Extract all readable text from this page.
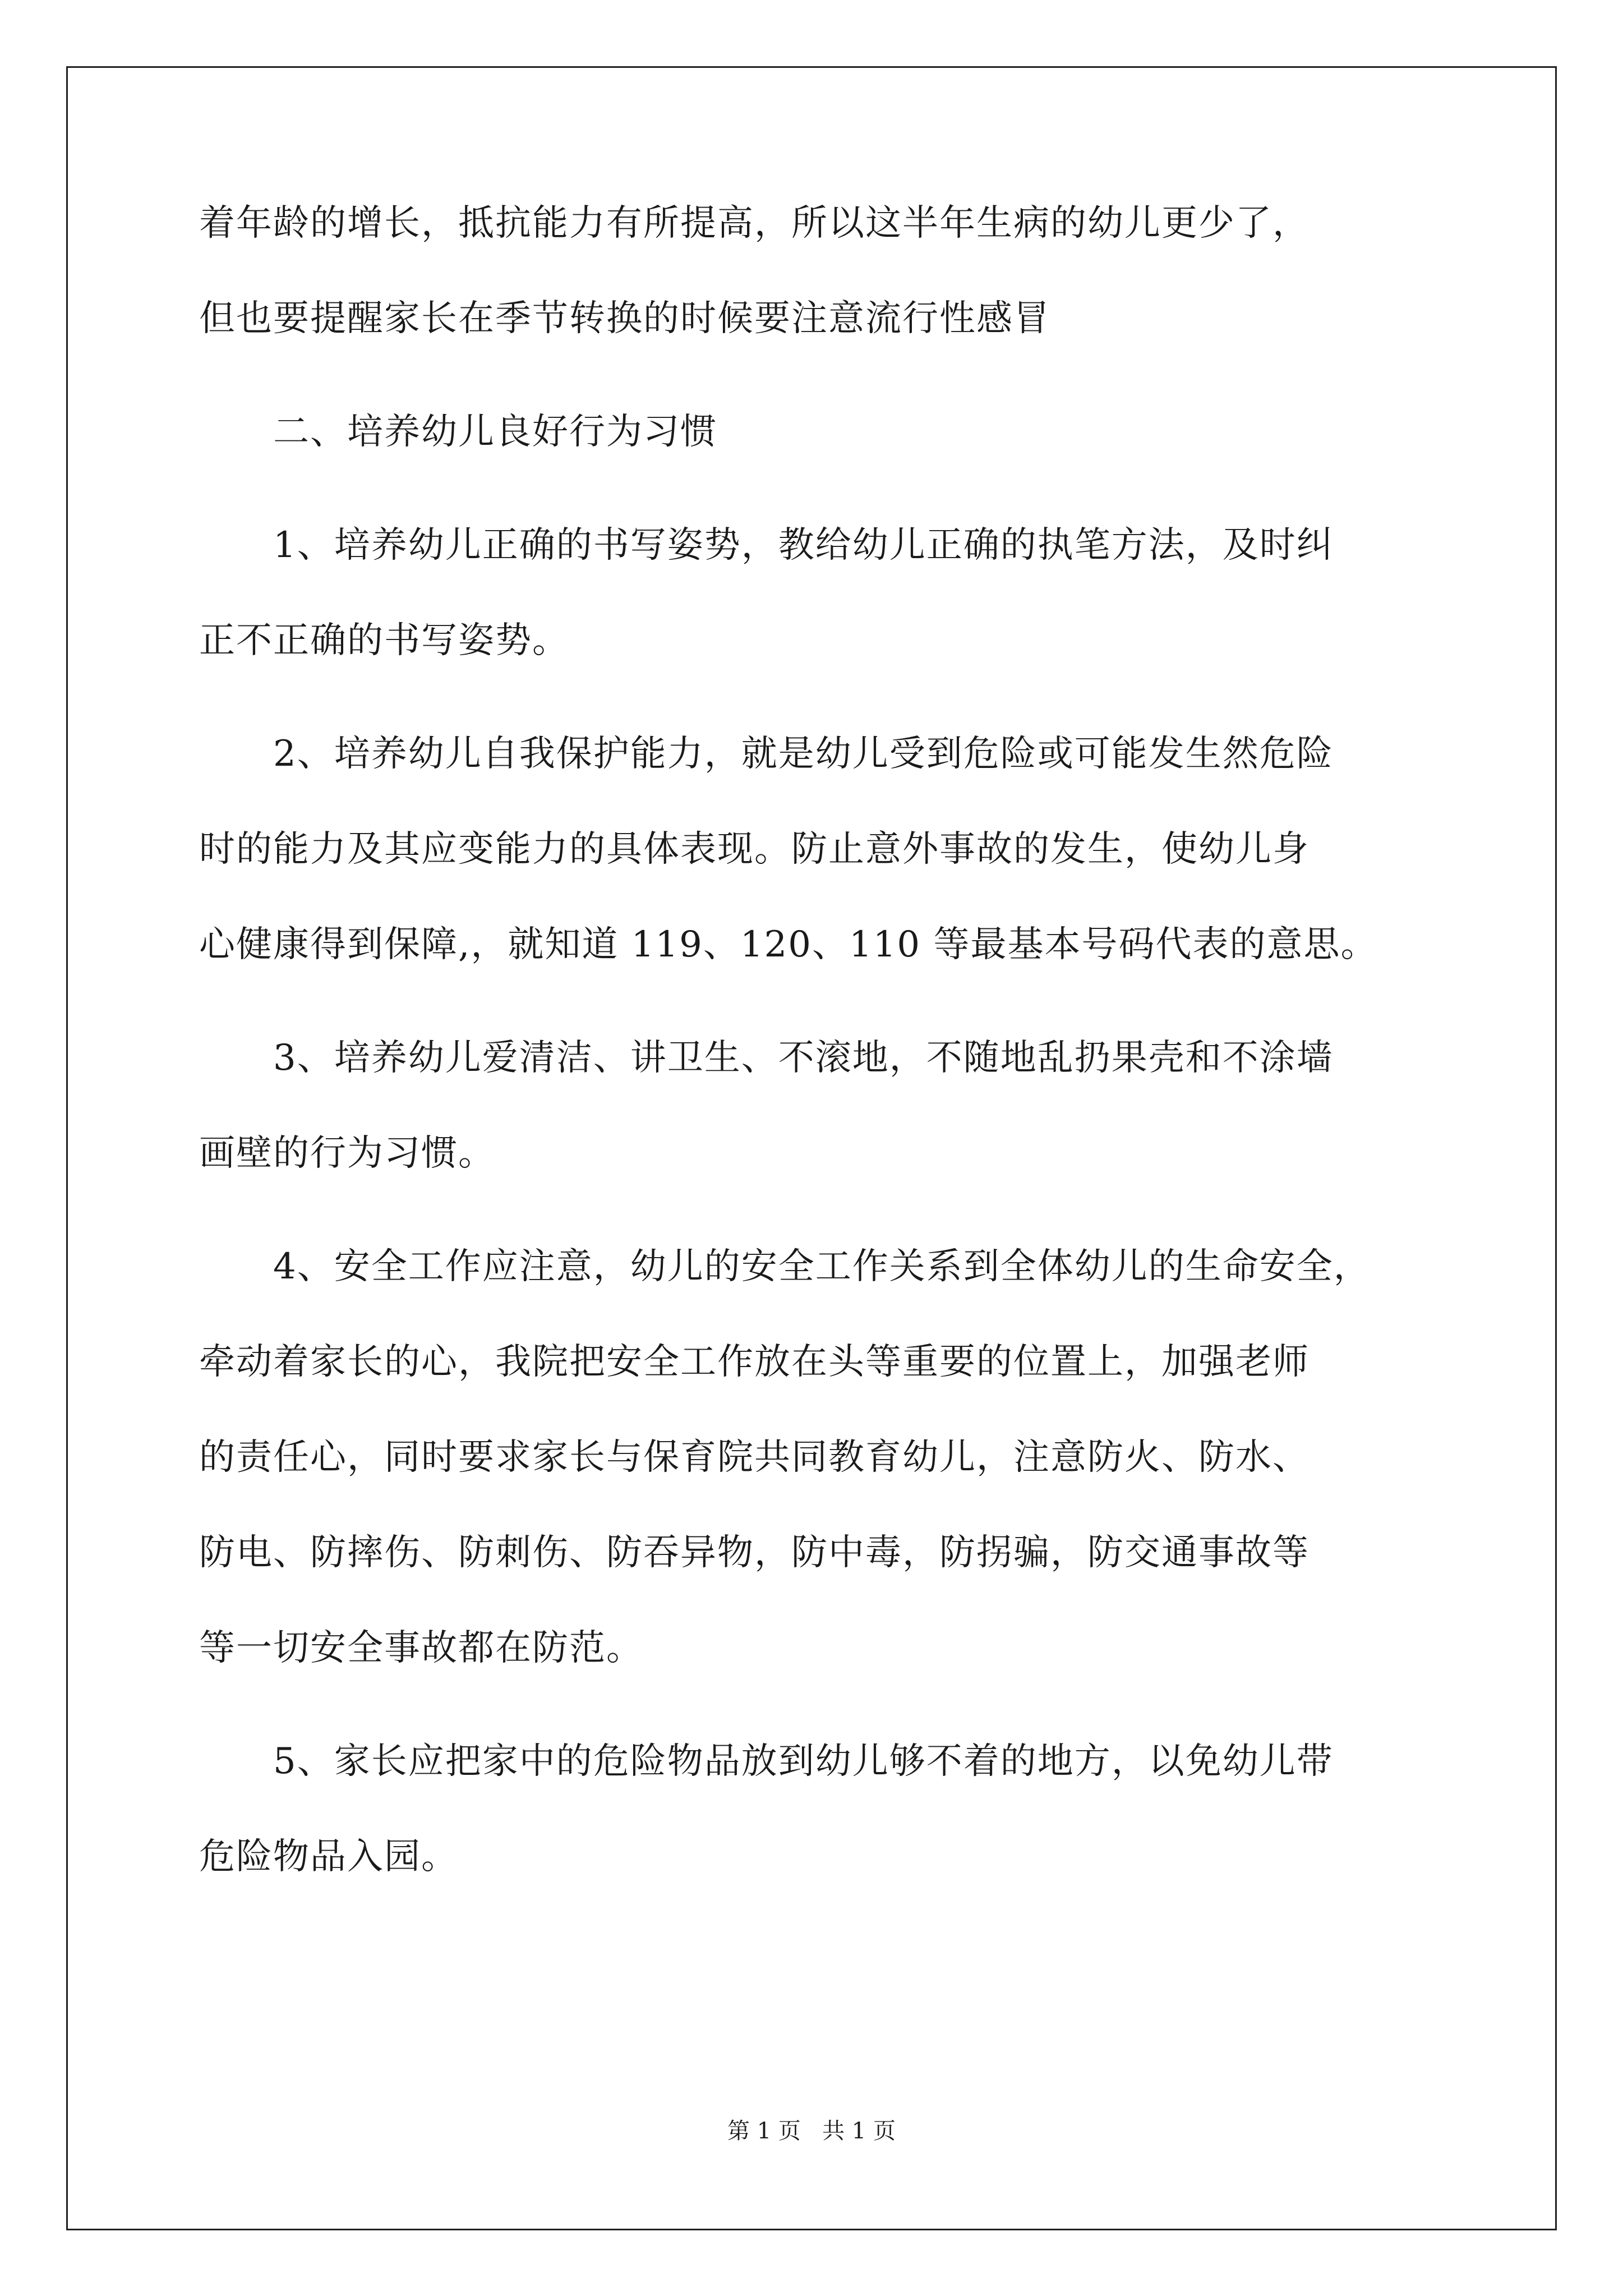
着年龄的增长，抵抗能力有所提高，所以这半年生病的幼儿更少了，
但也要提醒家长在季节转换的时候要注意流行性感冒
二、培养幼儿良好行为习惯
1、培养幼儿正确的书写姿势，教给幼儿正确的执笔方法，及时纠
正不正确的书写姿势。
2、培养幼儿自我保护能力，就是幼儿受到危险或可能发生然危险
时的能力及其应变能力的具体表现。防止意外事故的发生，使幼儿身
心健康得到保障,，就知道 119、120、110 等最基本号码代表的意思。
3、培养幼儿爱清洁、讲卫生、不滚地，不随地乱扔果壳和不涂墙
画壁的行为习惯。
4、安全工作应注意，幼儿的安全工作关系到全体幼儿的生命安全，
牵动着家长的心，我院把安全工作放在头等重要的位置上，加强老师
的责任心，同时要求家长与保育院共同教育幼儿，注意防火、防水、
防电、防摔伤、防刺伤、防吞异物，防中毒，防拐骗，防交通事故等
等一切安全事故都在防范。
5、家长应把家中的危险物品放到幼儿够不着的地方，以免幼儿带
危险物品入园。
第 1 页   共 1 页
